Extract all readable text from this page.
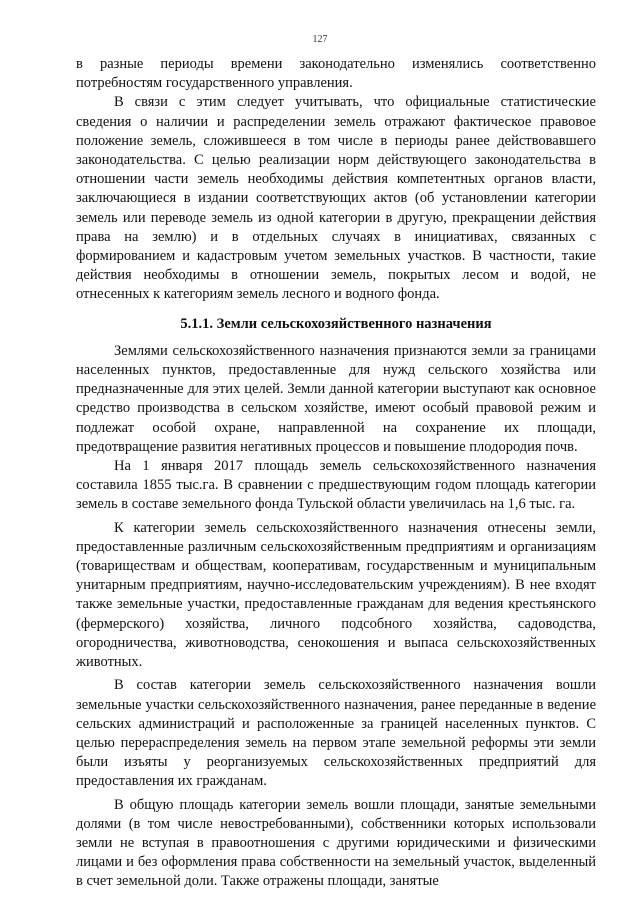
127

в разные периоды времени законодательно изменялись соответственно потребностям государственного управления.

В связи с этим следует учитывать, что официальные статистические сведения о наличии и распределении земель отражают фактическое правовое положение земель, сложившееся в том числе в периоды ранее действовавшего законодательства. С целью реализации норм действующего законодательства в отношении части земель необходимы действия компетентных органов власти, заключающиеся в издании соответствующих актов (об установлении категории земель или переводе земель из одной категории в другую, прекращении действия права на землю) и в отдельных случаях в инициативах, связанных с формированием и кадастровым учетом земельных участков. В частности, такие действия необходимы в отношении земель, покрытых лесом и водой, не отнесенных к категориям земель лесного и водного фонда.

5.1.1. Земли сельскохозяйственного назначения

Землями сельскохозяйственного назначения признаются земли за границами населенных пунктов, предоставленные для нужд сельского хозяйства или предназначенные для этих целей. Земли данной категории выступают как основное средство производства в сельском хозяйстве, имеют особый правовой режим и подлежат особой охране, направленной на сохранение их площади, предотвращение развития негативных процессов и повышение плодородия почв.

На 1 января 2017 площадь земель сельскохозяйственного назначения составила 1855 тыс.га. В сравнении с предшествующим годом площадь категории земель в составе земельного фонда Тульской области увеличилась на 1,6 тыс. га.

К категории земель сельскохозяйственного назначения отнесены земли, предоставленные различным сельскохозяйственным предприятиям и организациям (товариществам и обществам, кооперативам, государственным и муниципальным унитарным предприятиям, научно-исследовательским учреждениям). В нее входят также земельные участки, предоставленные гражданам для ведения крестьянского (фермерского) хозяйства, личного подсобного хозяйства, садоводства, огородничества, животноводства, сенокошения и выпаса сельскохозяйственных животных.

В состав категории земель сельскохозяйственного назначения вошли земельные участки сельскохозяйственного назначения, ранее переданные в ведение сельских администраций и расположенные за границей населенных пунктов. С целью перераспределения земель на первом этапе земельной реформы эти земли были изъяты у реорганизуемых сельскохозяйственных предприятий для предоставления их гражданам.

В общую площадь категории земель вошли площади, занятые земельными долями (в том числе невостребованными), собственники которых использовали земли не вступая в правоотношения с другими юридическими и физическими лицами и без оформления права собственности на земельный участок, выделенный в счет земельной доли. Также отражены площади, занятые
